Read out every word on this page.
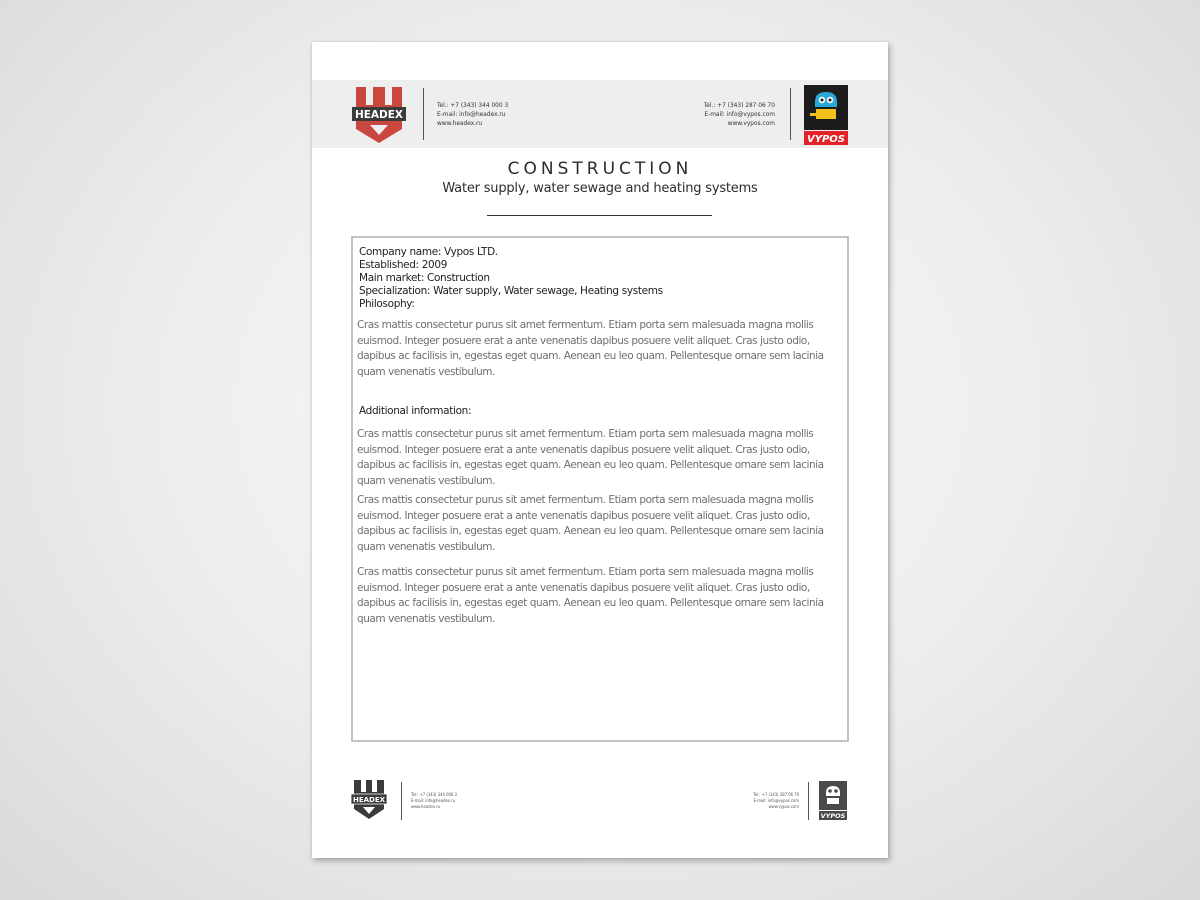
HEADEX
Tel.: +7 (343) 344 000 3
E-mail: info@headex.ru
www.headex.ru
Tel.: +7 (343) 287 06 70
E-mail: info@vypos.com
www.vypos.com
VYPOS
CONSTRUCTION
Water supply, water sewage and heating systems
Company name: Vypos LTD.
Established: 2009
Main market: Construction
Specialization: Water supply, Water sewage, Heating systems
Philosophy:
Cras mattis consectetur purus sit amet fermentum. Etiam porta sem malesuada magna mollis
euismod. Integer posuere erat a ante venenatis dapibus posuere velit aliquet. Cras justo odio,
dapibus ac facilisis in, egestas eget quam. Aenean eu leo quam. Pellentesque ornare sem lacinia
quam venenatis vestibulum.
Additional information:
Cras mattis consectetur purus sit amet fermentum. Etiam porta sem malesuada magna mollis
euismod. Integer posuere erat a ante venenatis dapibus posuere velit aliquet. Cras justo odio,
dapibus ac facilisis in, egestas eget quam. Aenean eu leo quam. Pellentesque ornare sem lacinia
quam venenatis vestibulum.
Cras mattis consectetur purus sit amet fermentum. Etiam porta sem malesuada magna mollis
euismod. Integer posuere erat a ante venenatis dapibus posuere velit aliquet. Cras justo odio,
dapibus ac facilisis in, egestas eget quam. Aenean eu leo quam. Pellentesque ornare sem lacinia
quam venenatis vestibulum.
Cras mattis consectetur purus sit amet fermentum. Etiam porta sem malesuada magna mollis
euismod. Integer posuere erat a ante venenatis dapibus posuere velit aliquet. Cras justo odio,
dapibus ac facilisis in, egestas eget quam. Aenean eu leo quam. Pellentesque ornare sem lacinia
quam venenatis vestibulum.
HEADEX
Tel.: +7 (343) 344 000 3
E-mail: info@headex.ru
www.headex.ru
Tel.: +7 (343) 287 06 70
E-mail: info@vypos.com
www.vypos.com
VYPOS
